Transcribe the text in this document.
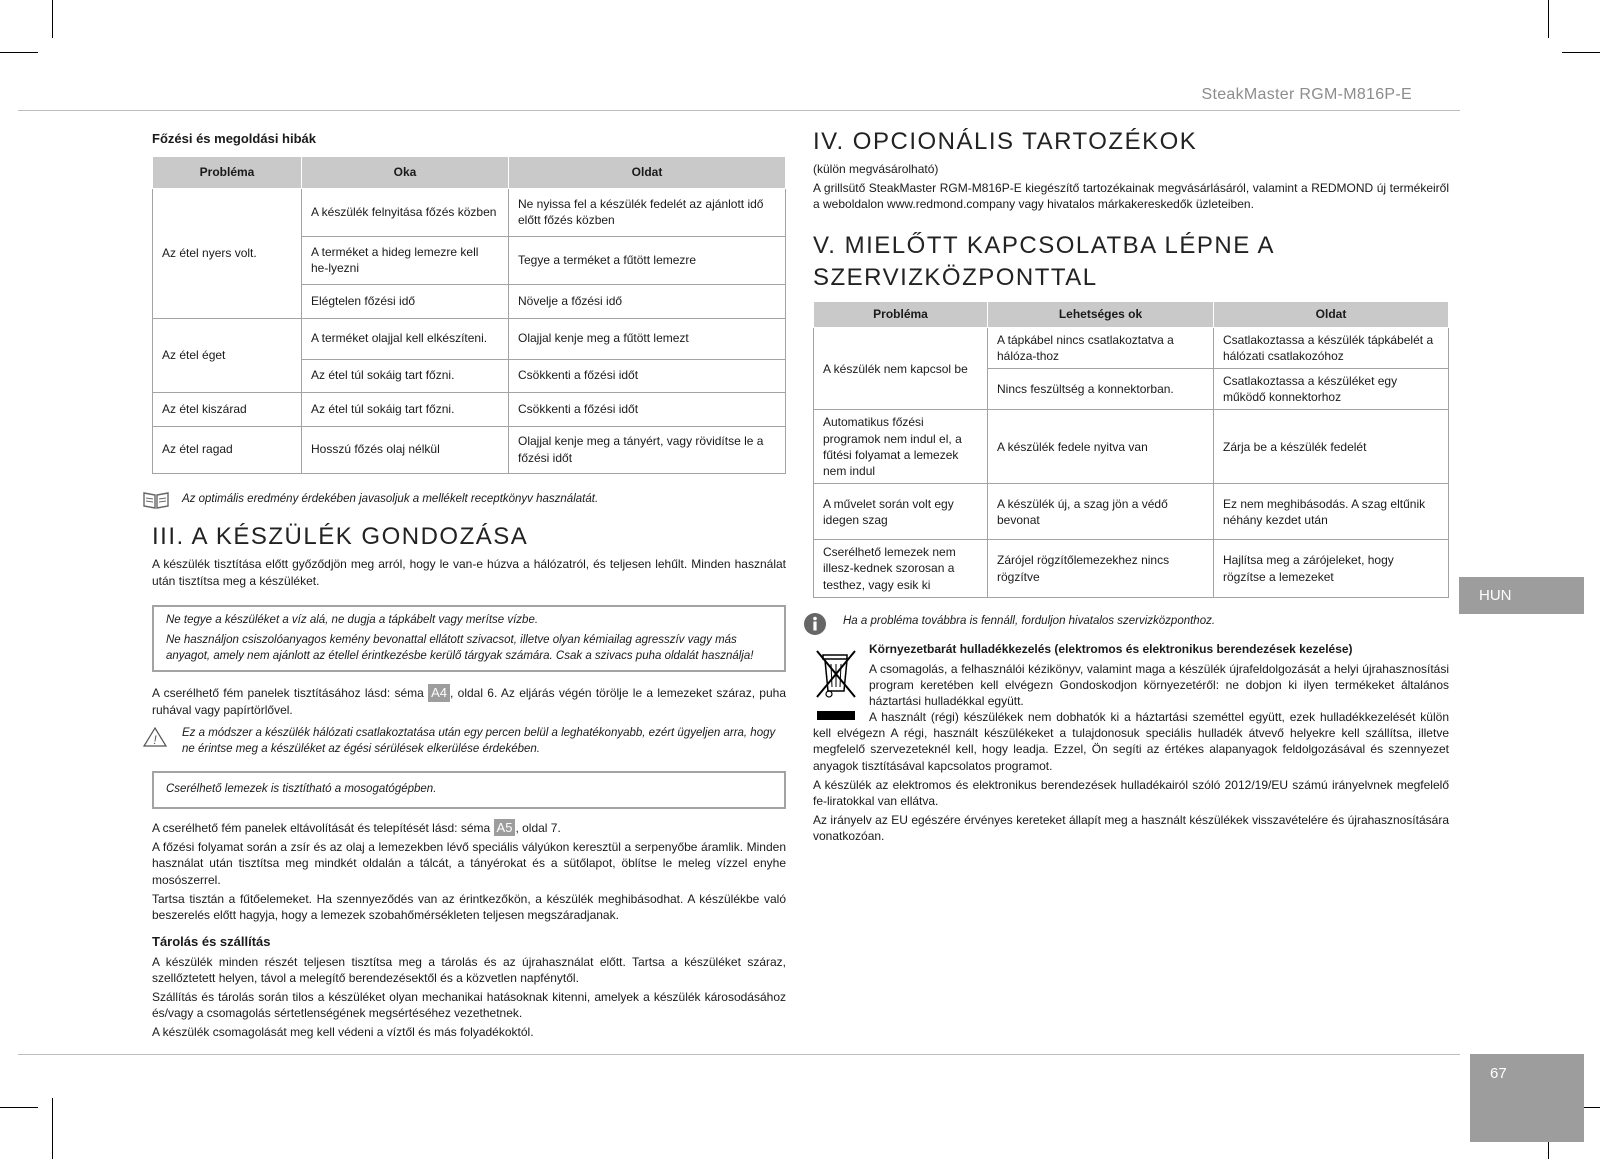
SteakMaster RGM-M816P-E
HUN
67
Főzési és megoldási hibák
Probléma	Oka	Oldat
Az étel nyers volt.	A készülék felnyitása főzés közben	Ne nyissa fel a készülék fedelét az ajánlott idő előtt főzés közben
	A terméket a hideg lemezre kell he-lyezni	Tegye a terméket a fűtött lemezre
	Elégtelen főzési idő	Növelje a főzési idő
Az étel éget	A terméket olajjal kell elkészíteni.	Olajjal kenje meg a fűtött lemezt
	Az étel túl sokáig tart főzni.	Csökkenti a főzési időt
Az étel kiszárad	Az étel túl sokáig tart főzni.	Csökkenti a főzési időt
Az étel ragad	Hosszú főzés olaj nélkül	Olajjal kenje meg a tányért, vagy rövidítse le a főzési időt
Az optimális eredmény érdekében javasoljuk a mellékelt receptkönyv használatát.
III. A KÉSZÜLÉK GONDOZÁSA

A készülék tisztítása előtt győződjön meg arról, hogy le van-e húzva a hálózatról, és teljesen lehűlt. Minden használat után tisztítsa meg a készüléket.

Ne tegye a készüléket a víz alá, ne dugja a tápkábelt vagy merítse vízbe.

Ne használjon csiszolóanyagos kemény bevonattal ellátott szivacsot, illetve olyan kémiailag agresszív vagy más anyagot, amely nem ajánlott az étellel érintkezésbe kerülő tárgyak számára. Csak a szivacs puha oldalát használja!

A cserélhető fém panelek tisztításához lásd: séma A4 , oldal 6. Az eljárás végén törölje le a lemezeket száraz, puha ruhával vagy papírtörlővel.

! Ez a módszer a készülék hálózati csatlakoztatása után egy percen belül a leghatékonyabb, ezért ügyeljen arra, hogy ne érintse meg a készüléket az égési sérülések elkerülése érdekében.

Cserélhető lemezek is tisztítható a mosogatógépben.

A cserélhető fém panelek eltávolítását és telepítését lásd: séma A5 , oldal 7.

A főzési folyamat során a zsír és az olaj a lemezekben lévő speciális vályúkon keresztül a serpenyőbe áramlik. Minden használat után tisztítsa meg mindkét oldalán a tálcát, a tányérokat és a sütőlapot, öblítse le meleg vízzel enyhe mosószerrel.

Tartsa tisztán a fűtőelemeket. Ha szennyeződés van az érintkezőkön, a készülék meghibásodhat. A készülékbe való beszerelés előtt hagyja, hogy a lemezek szobahőmérsékleten teljesen megszáradjanak.

Tárolás és szállítás

A készülék minden részét teljesen tisztítsa meg a tárolás és az újrahasználat előtt. Tartsa a készüléket száraz, szellőztetett helyen, távol a melegítő berendezésektől és a közvetlen napfénytől.

Szállítás és tárolás során tilos a készüléket olyan mechanikai hatásoknak kitenni, amelyek a készülék károsodásához és/vagy a csomagolás sértetlenségének megsértéséhez vezethetnek.

A készülék csomagolását meg kell védeni a víztől és más folyadékoktól.

IV. OPCIONÁLIS TARTOZÉKOK

(külön megvásárolható)

A grillsütő SteakMaster RGM-M816P-E kiegészítő tartozékainak megvásárlásáról, valamint a REDMOND új termékeiről a weboldalon www.redmond.company vagy hivatalos márkakereskedők üzleteiben.

V. MIELŐTT KAPCSOLATBA LÉPNE A SZERVIZKÖZPONTTAL
Probléma	Lehetséges ok	Oldat
A készülék nem kapcsol be	A tápkábel nincs csatlakoztatva a hálóza-thoz	Csatlakoztassa a készülék tápkábelét a hálózati csatlakozóhoz
	Nincs feszültség a konnektorban.	Csatlakoztassa a készüléket egy működő konnektorhoz
Automatikus főzési programok nem indul el, a fűtési folyamat a lemezek nem indul	A készülék fedele nyitva van	Zárja be a készülék fedelét
A művelet során volt egy idegen szag	A készülék új, a szag jön a védő bevonat	Ez nem meghibásodás. A szag eltűnik néhány kezdet után
Cserélhető lemezek nem illesz-kednek szorosan a testhez, vagy esik ki	Zárójel rögzítőlemezekhez nincs rögzítve	Hajlítsa meg a zárójeleket, hogy rögzítse a lemezeket
Ha a probléma továbbra is fennáll, forduljon hivatalos szervizközponthoz.

Környezetbarát hulladékkezelés (elektromos és elektronikus berendezések kezelése)

A csomagolás, a felhasználói kézikönyv, valamint maga a készülék újrafeldolgozását a helyi újrahasznosítási program keretében kell elvégezn Gondoskodjon környezetéről: ne dobjon ki ilyen termékeket általános háztartási hulladékkal együtt.

A használt (régi) készülékek nem dobhatók ki a háztartási szeméttel együtt, ezek hulladékkezelését külön kell elvégezn A régi, használt készülékeket a tulajdonosuk speciális hulladék átvevő helyekre kell szállítsa, illetve megfelelő szervezeteknél kell, hogy leadja. Ezzel, Ön segíti az értékes alapanyagok feldolgozásával és szennyezet anyagok tisztításával kapcsolatos programot.

A készülék az elektromos és elektronikus berendezések hulladékairól szóló 2012/19/EU számú irányelvnek megfelelő fe-liratokkal van ellátva.

Az irányelv az EU egészére érvényes kereteket állapít meg a használt készülékek visszavételére és újrahasznosítására vonatkozóan.
